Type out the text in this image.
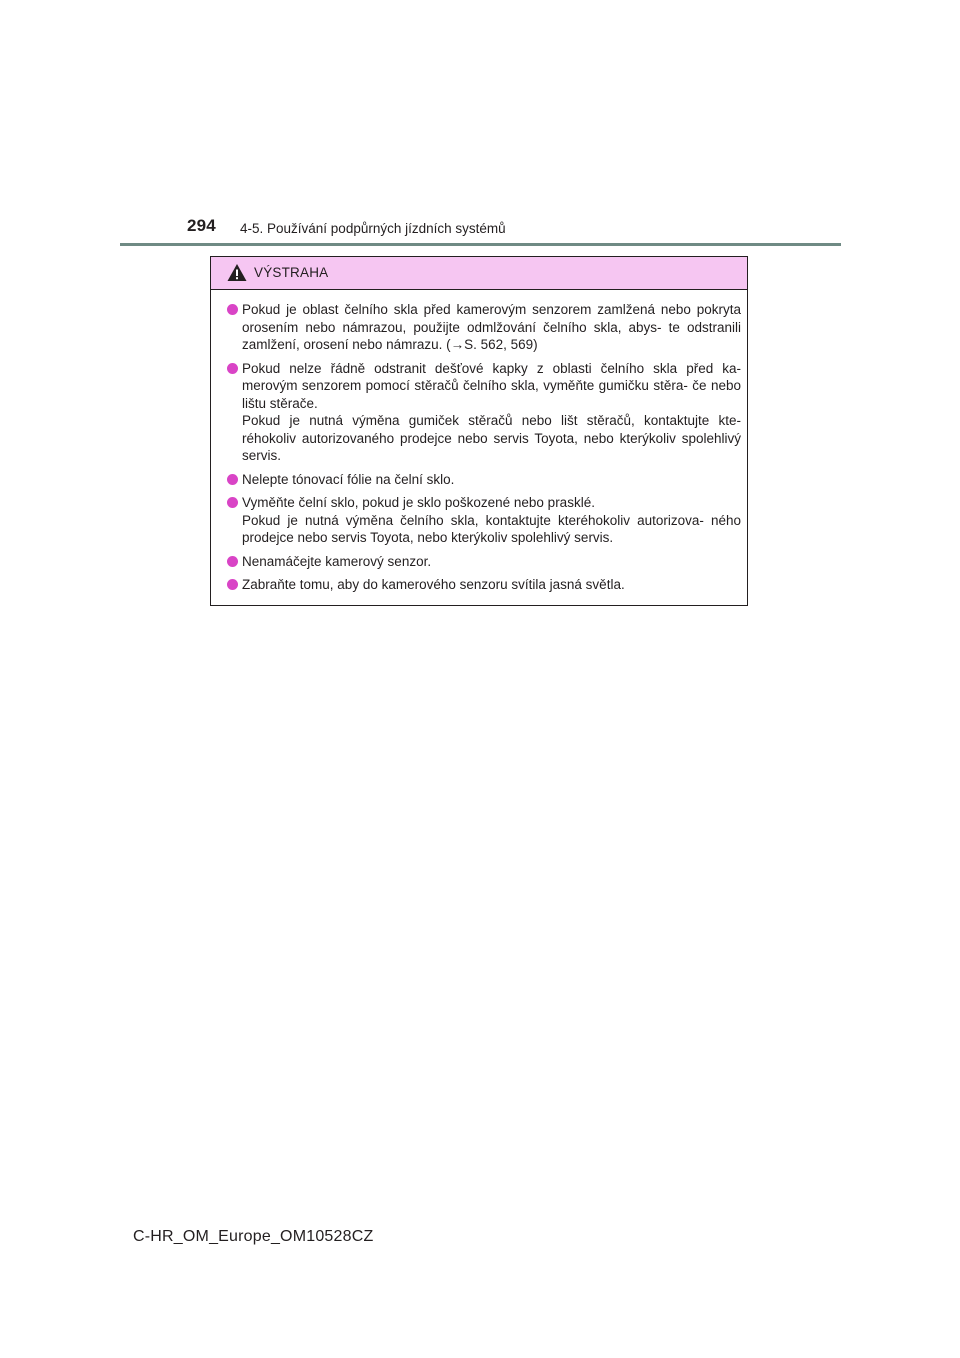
294 4-5. Používání podpůrných jízdních systémů
VÝSTRAHA
Pokud je oblast čelního skla před kamerovým senzorem zamlžená nebo pokryta orosením nebo námrazou, použijte odmlžování čelního skla, abys- te odstranili zamlžení, orosení nebo námrazu. (→S. 562, 569)
Pokud nelze řádně odstranit dešťové kapky z oblasti čelního skla před ka- merovým senzorem pomocí stěračů čelního skla, vyměňte gumičku stěra- če nebo lištu stěrače.
Pokud je nutná výměna gumiček stěračů nebo lišt stěračů, kontaktujte kte- réhokoliv autorizovaného prodejce nebo servis Toyota, nebo kterýkoliv spolehlivý servis.
Nelepte tónovací fólie na čelní sklo.
Vyměňte čelní sklo, pokud je sklo poškozené nebo prasklé.
Pokud je nutná výměna čelního skla, kontaktujte kteréhokoliv autorizova- ného prodejce nebo servis Toyota, nebo kterýkoliv spolehlivý servis.
Nenamáčejte kamerový senzor.
Zabraňte tomu, aby do kamerového senzoru svítila jasná světla.
C-HR_OM_Europe_OM10528CZ
